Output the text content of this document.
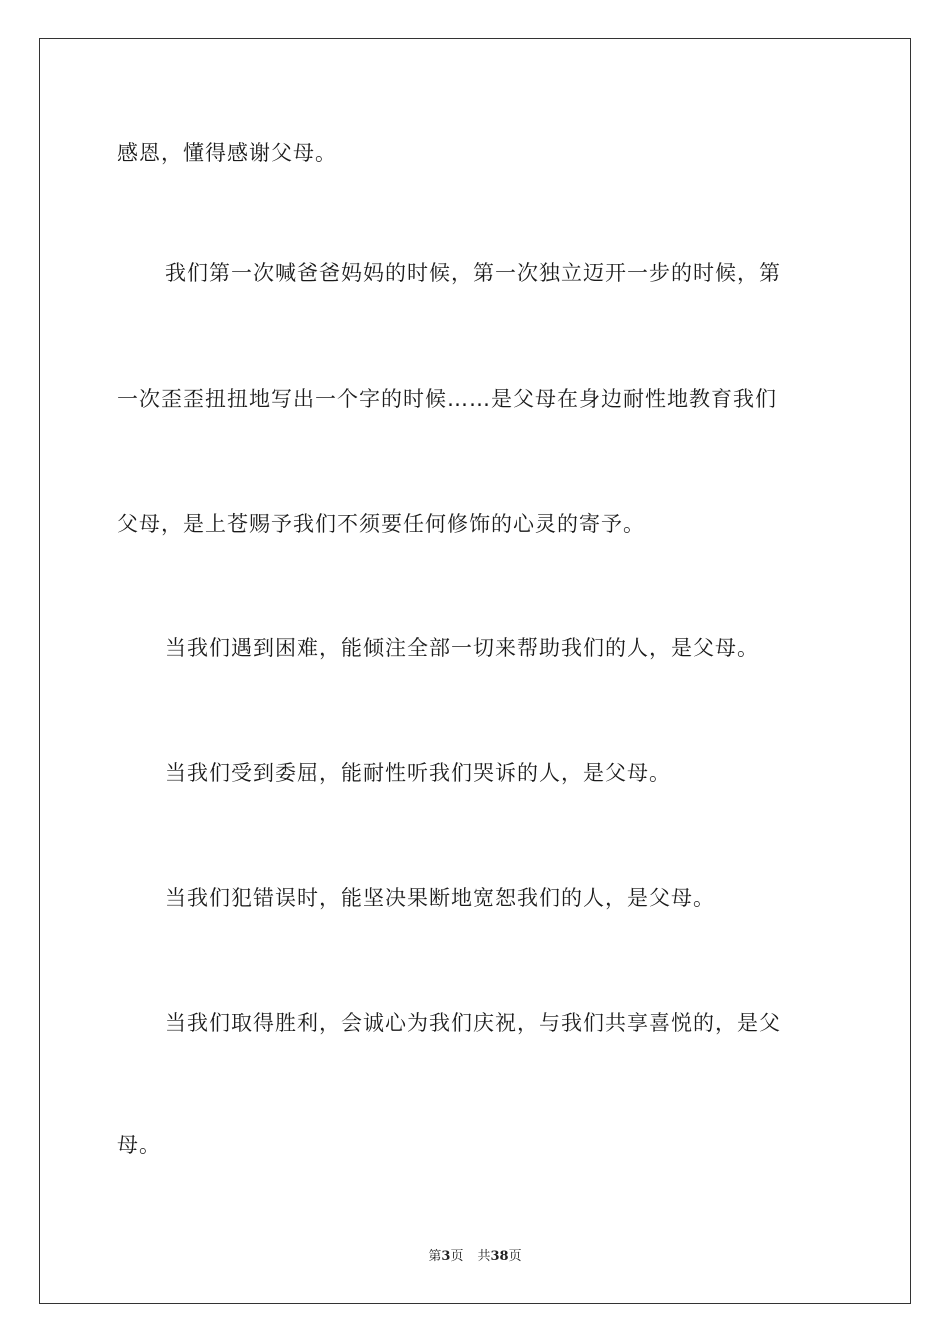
感恩，懂得感谢父母。
我们第一次喊爸爸妈妈的时候，第一次独立迈开一步的时候，第
一次歪歪扭扭地写出一个字的时候……是父母在身边耐性地教育我们
父母，是上苍赐予我们不须要任何修饰的心灵的寄予。
当我们遇到困难，能倾注全部一切来帮助我们的人，是父母。
当我们受到委屈，能耐性听我们哭诉的人，是父母。
当我们犯错误时，能坚决果断地宽恕我们的人，是父母。
当我们取得胜利，会诚心为我们庆祝，与我们共享喜悦的，是父
母。
第3页 共38页
